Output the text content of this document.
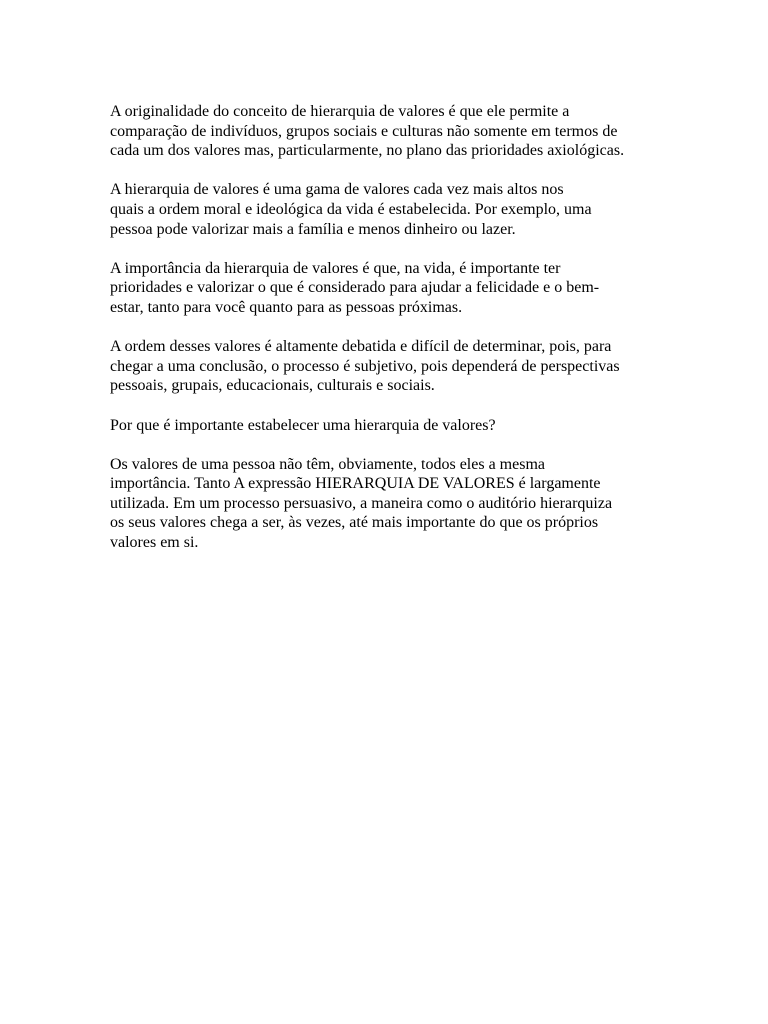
A originalidade do conceito de hierarquia de valores é que ele permite a
comparação de indivíduos, grupos sociais e culturas não somente em termos de
cada um dos valores mas, particularmente, no plano das prioridades axiológicas.

A hierarquia de valores é uma gama de valores cada vez mais altos nos
quais a ordem moral e ideológica da vida é estabelecida. Por exemplo, uma
pessoa pode valorizar mais a família e menos dinheiro ou lazer.

A importância da hierarquia de valores é que, na vida, é importante ter
prioridades e valorizar o que é considerado para ajudar a felicidade e o bem-
estar, tanto para você quanto para as pessoas próximas.

A ordem desses valores é altamente debatida e difícil de determinar, pois, para
chegar a uma conclusão, o processo é subjetivo, pois dependerá de perspectivas
pessoais, grupais, educacionais, culturais e sociais.

Por que é importante estabelecer uma hierarquia de valores?

Os valores de uma pessoa não têm, obviamente, todos eles a mesma
importância. Tanto A expressão HIERARQUIA DE VALORES é largamente
utilizada. Em um processo persuasivo, a maneira como o auditório hierarquiza
os seus valores chega a ser, às vezes, até mais importante do que os próprios
valores em si.
